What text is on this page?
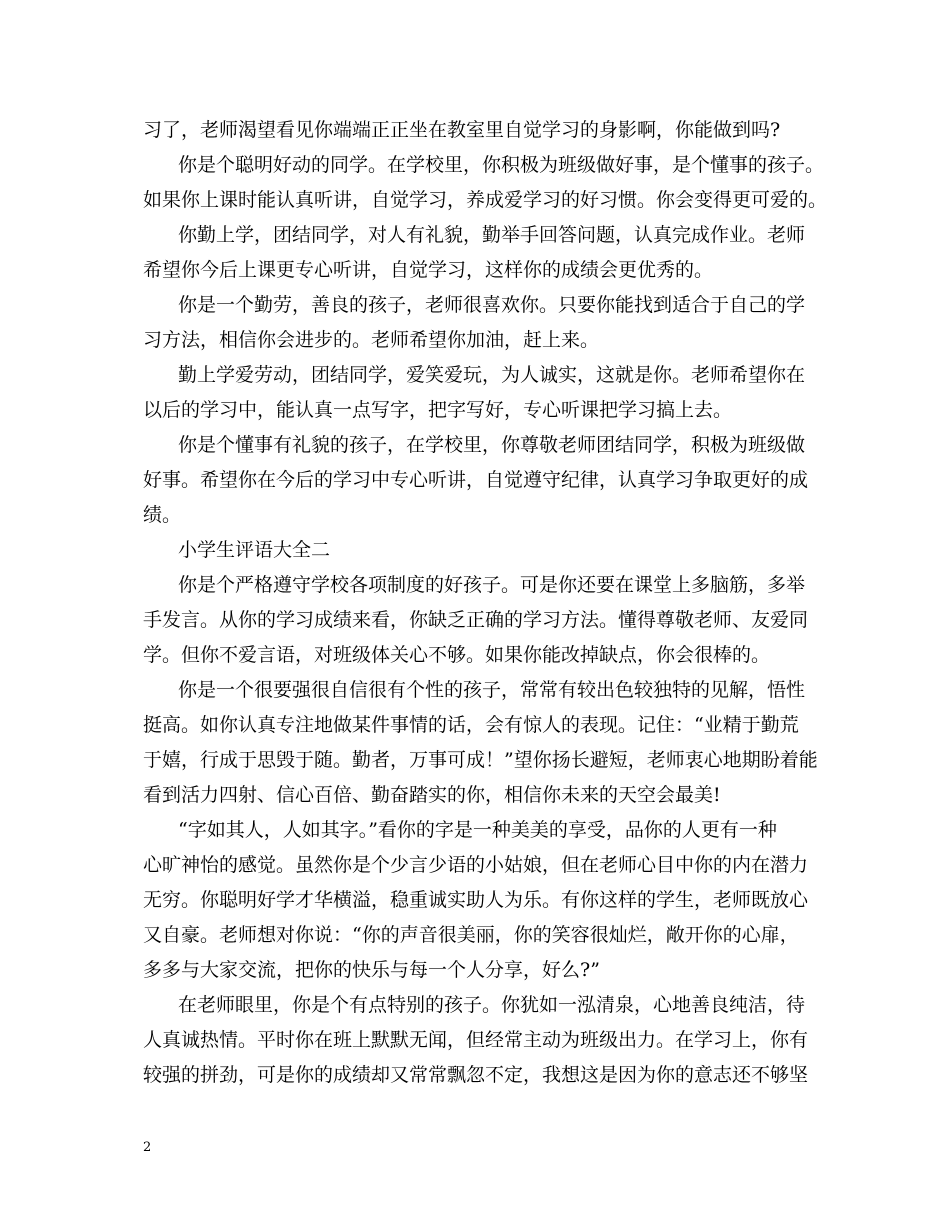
习了，老师渴望看见你端端正正坐在教室里自觉学习的身影啊，你能做到吗?
你是个聪明好动的同学。在学校里，你积极为班级做好事，是个懂事的孩子。
如果你上课时能认真听讲，自觉学习，养成爱学习的好习惯。你会变得更可爱的。
你勤上学，团结同学，对人有礼貌，勤举手回答问题，认真完成作业。老师
希望你今后上课更专心听讲，自觉学习，这样你的成绩会更优秀的。
你是一个勤劳，善良的孩子，老师很喜欢你。只要你能找到适合于自己的学
习方法，相信你会进步的。老师希望你加油，赶上来。
勤上学爱劳动，团结同学，爱笑爱玩，为人诚实，这就是你。老师希望你在
以后的学习中，能认真一点写字，把字写好，专心听课把学习搞上去。
你是个懂事有礼貌的孩子，在学校里，你尊敬老师团结同学，积极为班级做
好事。希望你在今后的学习中专心听讲，自觉遵守纪律，认真学习争取更好的成
绩。
小学生评语大全二
你是个严格遵守学校各项制度的好孩子。可是你还要在课堂上多脑筋，多举
手发言。从你的学习成绩来看，你缺乏正确的学习方法。懂得尊敬老师、友爱同
学。但你不爱言语，对班级体关心不够。如果你能改掉缺点，你会很棒的。
你是一个很要强很自信很有个性的孩子，常常有较出色较独特的见解，悟性
挺高。如你认真专注地做某件事情的话，会有惊人的表现。记住：“业精于勤荒
于嬉，行成于思毁于随。勤者，万事可成！”望你扬长避短，老师衷心地期盼着能
看到活力四射、信心百倍、勤奋踏实的你，相信你未来的天空会最美!
“字如其人，人如其字。”看你的字是一种美美的享受，品你的人更有一种
心旷神怡的感觉。虽然你是个少言少语的小姑娘，但在老师心目中你的内在潜力
无穷。你聪明好学才华横溢，稳重诚实助人为乐。有你这样的学生，老师既放心
又自豪。老师想对你说：“你的声音很美丽，你的笑容很灿烂，敞开你的心扉，
多多与大家交流，把你的快乐与每一个人分享，好么?”
在老师眼里，你是个有点特别的孩子。你犹如一泓清泉，心地善良纯洁，待
人真诚热情。平时你在班上默默无闻，但经常主动为班级出力。在学习上，你有
较强的拼劲，可是你的成绩却又常常飘忽不定，我想这是因为你的意志还不够坚
2
